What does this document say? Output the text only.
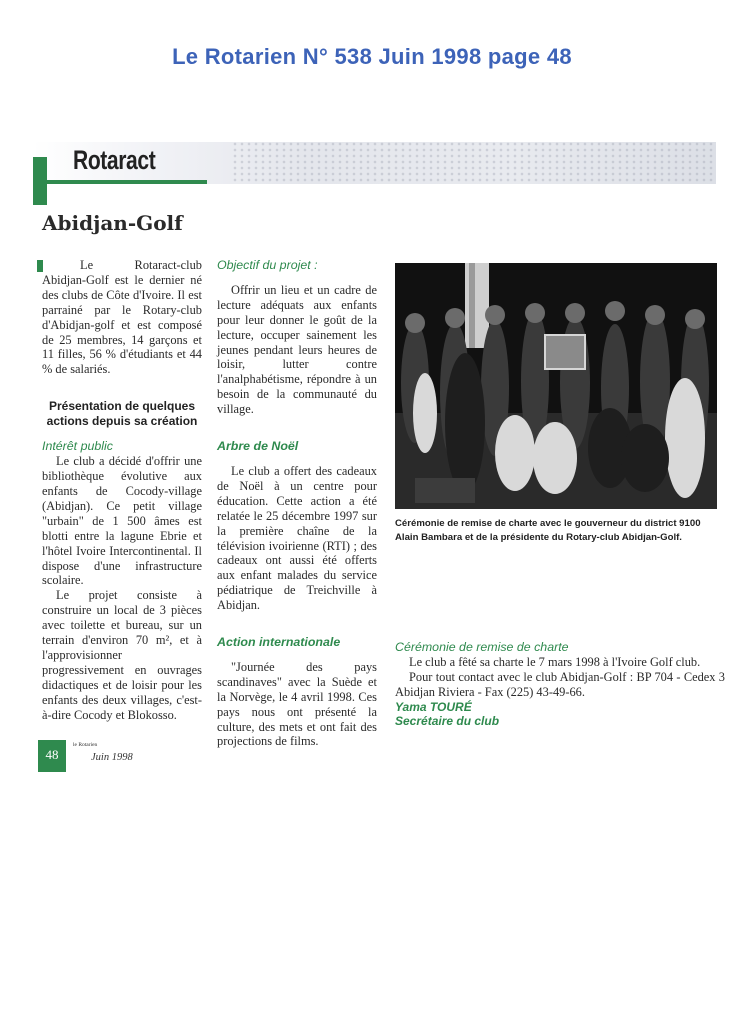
Le Rotarien N° 538 Juin 1998 page 48
Rotaract
Abidjan-Golf

Le Rotaract-club Abidjan-Golf est le dernier né des clubs de Côte d'Ivoire. Il est parrainé par le Rotary-club d'Abidjan-golf et est composé de 25 membres, 14 garçons et 11 filles, 56 % d'étudiants et 44 % de salariés.

Présentation de quelques actions depuis sa création

Intérêt public

Le club a décidé d'offrir une bibliothèque évolutive aux enfants de Cocody-village (Abidjan). Ce petit village "urbain" de 1 500 âmes est blotti entre la lagune Ebrie et l'hôtel Ivoire Intercontinental. Il dispose d'une infrastructure scolaire.

Le projet consiste à construire un local de 3 pièces avec toilette et bureau, sur un terrain d'environ 70 m², et à l'approvisionner progressivement en ouvrages didactiques et de loisir pour les enfants des deux villages, c'est-à-dire Cocody et Blokosso.

Objectif du projet :

Offrir un lieu et un cadre de lecture adéquats aux enfants pour leur donner le goût de la lecture, occuper sainement les jeunes pendant leurs heures de loisir, lutter contre l'analphabétisme, répondre à un besoin de la communauté du village.

Arbre de Noël

Le club a offert des cadeaux de Noël à un centre pour éducation. Cette action a été relatée le 25 décembre 1997 sur la première chaîne de la télévision ivoirienne (RTI) ; des cadeaux ont aussi été offerts aux enfant malades du service pédiatrique de Treichville à Abidjan.

Action internationale

"Journée des pays scandinaves" avec la Suède et la Norvège, le 4 avril 1998. Ces pays nous ont présenté la culture, des mets et ont fait des projections de films.

Cérémonie de remise de charte avec le gouverneur du district 9100 Alain Bambara et de la présidente du Rotary-club Abidjan-Golf.

Cérémonie de remise de charte

Le club a fêté sa charte le 7 mars 1998 à l'Ivoire Golf club.

Pour tout contact avec le club Abidjan-Golf : BP 704 - Cedex 3 Abidjan Riviera - Fax (225) 43-49-66.

Yama TOURÉ

Secrétaire du club

48
le Rotarien
Juin 1998
